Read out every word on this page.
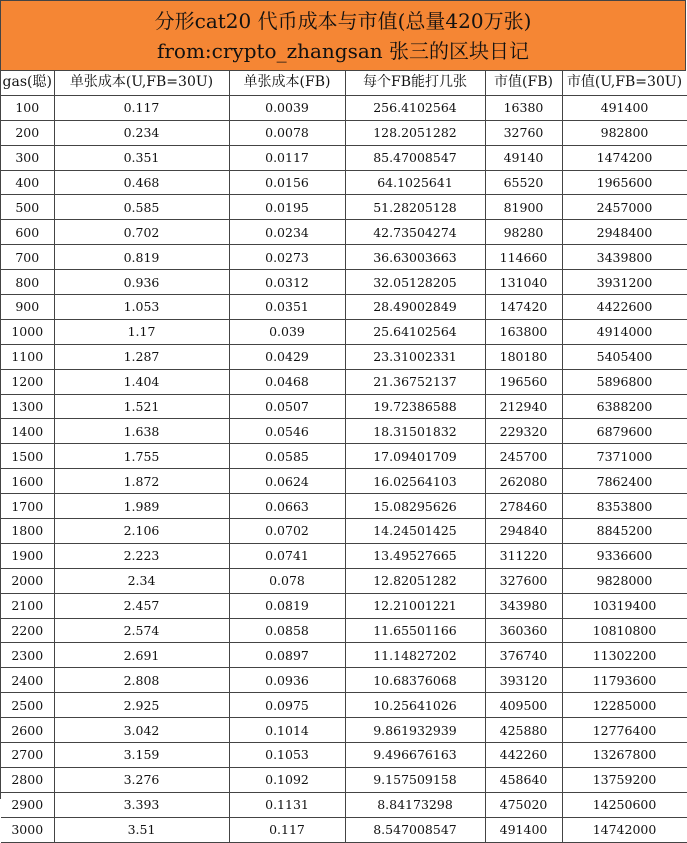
分形cat20 代币成本与市值(总量420万张)
from:crypto_zhangsan 张三的区块日记
gas(聪)	单张成本(U,FB=30U)	单张成本(FB)	每个FB能打几张	市值(FB)	市值(U,FB=30U)
100	0.117	0.0039	256.4102564	16380	491400
200	0.234	0.0078	128.2051282	32760	982800
300	0.351	0.0117	85.47008547	49140	1474200
400	0.468	0.0156	64.1025641	65520	1965600
500	0.585	0.0195	51.28205128	81900	2457000
600	0.702	0.0234	42.73504274	98280	2948400
700	0.819	0.0273	36.63003663	114660	3439800
800	0.936	0.0312	32.05128205	131040	3931200
900	1.053	0.0351	28.49002849	147420	4422600
1000	1.17	0.039	25.64102564	163800	4914000
1100	1.287	0.0429	23.31002331	180180	5405400
1200	1.404	0.0468	21.36752137	196560	5896800
1300	1.521	0.0507	19.72386588	212940	6388200
1400	1.638	0.0546	18.31501832	229320	6879600
1500	1.755	0.0585	17.09401709	245700	7371000
1600	1.872	0.0624	16.02564103	262080	7862400
1700	1.989	0.0663	15.08295626	278460	8353800
1800	2.106	0.0702	14.24501425	294840	8845200
1900	2.223	0.0741	13.49527665	311220	9336600
2000	2.34	0.078	12.82051282	327600	9828000
2100	2.457	0.0819	12.21001221	343980	10319400
2200	2.574	0.0858	11.65501166	360360	10810800
2300	2.691	0.0897	11.14827202	376740	11302200
2400	2.808	0.0936	10.68376068	393120	11793600
2500	2.925	0.0975	10.25641026	409500	12285000
2600	3.042	0.1014	9.861932939	425880	12776400
2700	3.159	0.1053	9.496676163	442260	13267800
2800	3.276	0.1092	9.157509158	458640	13759200
2900	3.393	0.1131	8.84173298	475020	14250600
3000	3.51	0.117	8.547008547	491400	14742000
